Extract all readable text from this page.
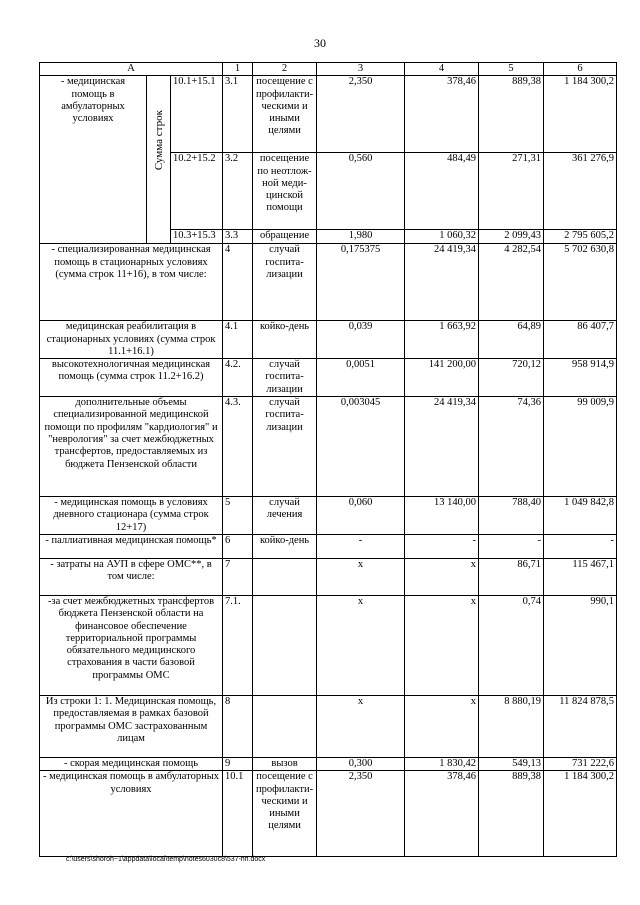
30
А			1	2	3	4	5	6
- медицинская помощь в амбулаторных условиях	Сумма строк	10.1+15.1	3.1	посещение с профилакти-ческими и иными целями	2,350	378,46	889,38	1 184 300,2
		10.2+15.2	3.2	посещение по неотлож-ной меди-цинской помощи	0,560	484,49	271,31	361 276,9
		10.3+15.3	3.3	обращение	1,980	1 060,32	2 099,43	2 795 605,2
- специализированная медицинская помощь в стационарных условиях (сумма строк 11+16), в том числе:			4	случай госпита-лизации	0,175375	24 419,34	4 282,54	5 702 630,8
медицинская реабилитация в стационарных условиях (сумма строк 11.1+16.1)			4.1	койко-день	0,039	1 663,92	64,89	86 407,7
высокотехнологичная медицинская помощь (сумма строк 11.2+16.2)			4.2.	случай госпита-лизации	0,0051	141 200,00	720,12	958 914,9
дополнительные объемы специализированной медицинской помощи по профилям "кардиология" и "неврология" за счет межбюджетных трансфертов, предоставляемых из бюджета Пензенской области			4.3.	случай госпита-лизации	0,003045	24 419,34	74,36	99 009,9
- медицинская помощь в условиях дневного стационара (сумма строк 12+17)			5	случай лечения	0,060	13 140,00	788,40	1 049 842,8
- паллиативная медицинская помощь*			6	койко-день	-	-	-	-
- затраты на АУП в сфере ОМС**, в том числе:			7		х	х	86,71	115 467,1
-за счет межбюджетных трансфертов бюджета Пензенской области на финансовое обеспечение территориальной программы обязательного медицинского страхования в части базовой программы ОМС			7.1.		х	х	0,74	990,1
Из строки 1: 1. Медицинская помощь, предоставляемая в рамках базовой программы ОМС застрахованным лицам			8		х	х	8 880,19	11 824 878,5
- скорая медицинская помощь			9	вызов	0,300	1 830,42	549,13	731 222,6
- медицинская помощь в амбулаторных условиях			10.1	посещение с профилакти-ческими и иными целями	2,350	378,46	889,38	1 184 300,2
c:\users\shoroh~1\appdata\local\temp\notes6030c8\537-пп.docx
